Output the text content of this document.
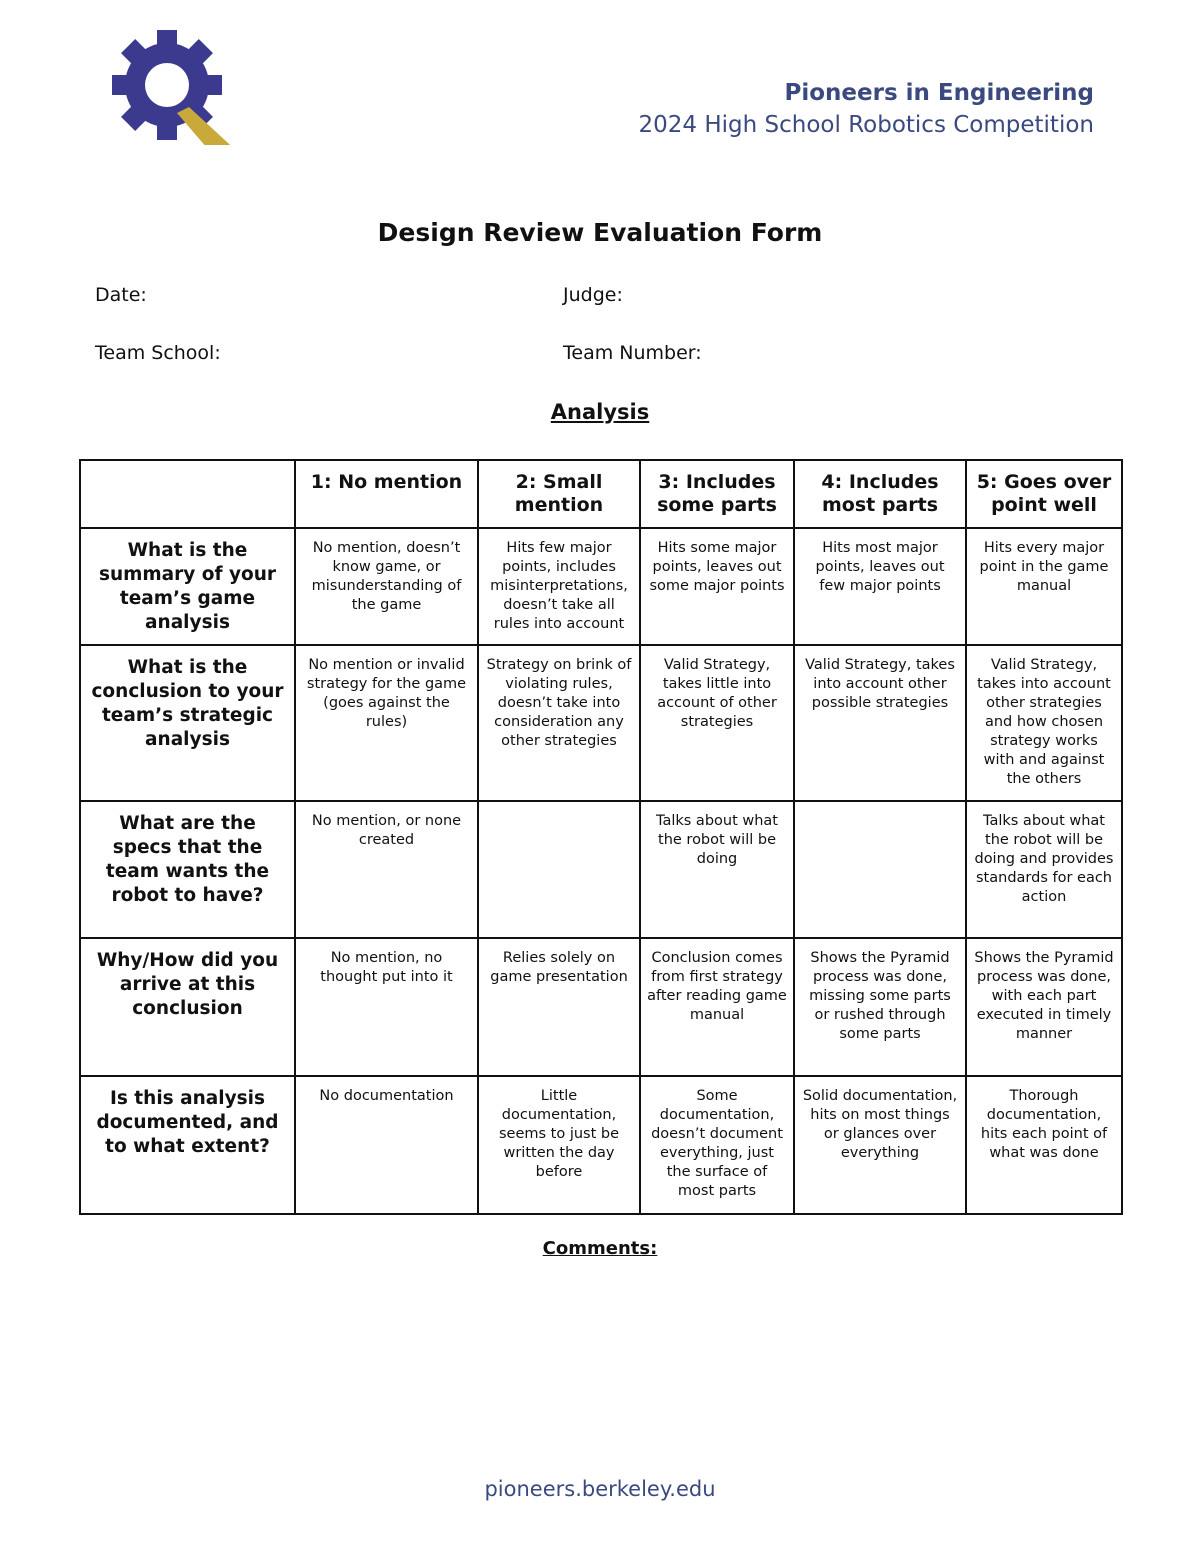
Pioneers in Engineering
2024 High School Robotics Competition
Design Review Evaluation Form
Date:	Judge:
Team School:	Team Number:
Analysis
	1: No mention	2: Small mention	3: Includes some parts	4: Includes most parts	5: Goes over point well
What is the summary of your team’s game analysis	No mention, doesn’t know game, or misunderstanding of the game	Hits few major points, includes misinterpretations, doesn’t take all rules into account	Hits some major points, leaves out some major points	Hits most major points, leaves out few major points	Hits every major point in the game manual
What is the conclusion to your team’s strategic analysis	No mention or invalid strategy for the game (goes against the rules)	Strategy on brink of violating rules, doesn’t take into consideration any other strategies	Valid Strategy, takes little into account of other strategies	Valid Strategy, takes into account other possible strategies	Valid Strategy, takes into account other strategies and how chosen strategy works with and against the others
What are the specs that the team wants the robot to have?	No mention, or none created		Talks about what the robot will be doing		Talks about what the robot will be doing and provides standards for each action
Why/How did you arrive at this conclusion	No mention, no thought put into it	Relies solely on game presentation	Conclusion comes from first strategy after reading game manual	Shows the Pyramid process was done, missing some parts or rushed through some parts	Shows the Pyramid process was done, with each part executed in timely manner
Is this analysis documented, and to what extent?	No documentation	Little documentation, seems to just be written the day before	Some documentation, doesn’t document everything, just the surface of most parts	Solid documentation, hits on most things or glances over everything	Thorough documentation, hits each point of what was done
Comments:
pioneers.berkeley.edu
